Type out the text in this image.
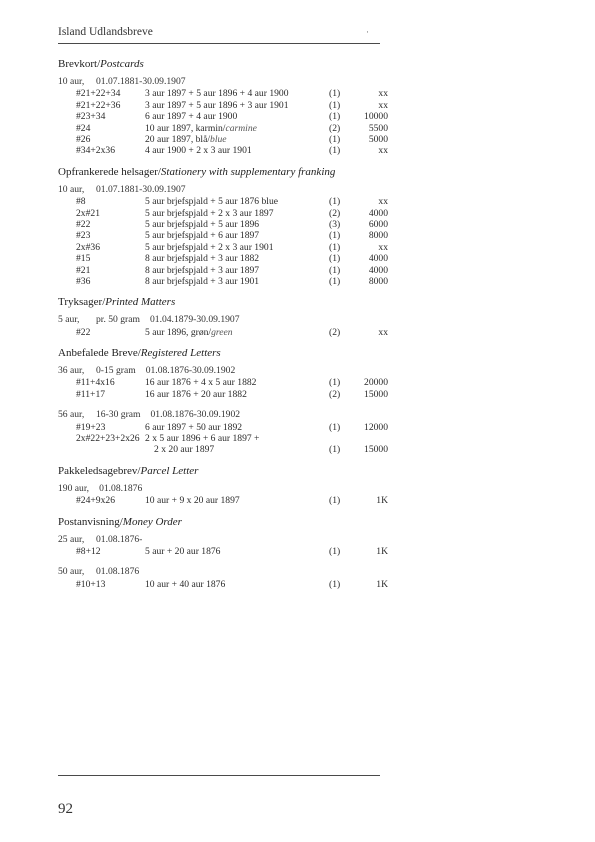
Island Udlandsbreve	·
Brevkort/Postcards
10 aur, 01.07.1881-30.09.1907
#21+22+34	3 aur 1897 + 5 aur 1896 + 4 aur 1900	(1)	xx
#21+22+36	3 aur 1897 + 5 aur 1896 + 3 aur 1901	(1)	xx
#23+34	6 aur 1897 + 4 aur 1900	(1) 10000
#24	10 aur 1897, karmin/carmine	(2)	5500
#26	20 aur 1897, blå/blue	(1)	5000
#34+2x36	4 aur 1900 + 2 x 3 aur 1901	(1)	xx
Opfrankerede helsager/Stationery with supplementary franking
10 aur, 01.07.1881-30.09.1907
#8	5 aur brjefspjald + 5 aur 1876 blue	(1)	xx
2x#21	5 aur brjefspjald + 2 x 3 aur 1897	(2)	4000
#22	5 aur brjefspjald + 5 aur 1896	(3)	6000
#23	5 aur brjefspjald + 6 aur 1897	(1)	8000
2x#36	5 aur brjefspjald + 2 x 3 aur 1901	(1)	xx
#15	8 aur brjefspjald + 3 aur 1882	(1)	4000
#21	8 aur brjefspjald + 3 aur 1897	(1)	4000
#36	8 aur brjefspjald + 3 aur 1901	(1)	8000
Tryksager/Printed Matters
5 aur,	pr. 50 gram 01.04.1879-30.09.1907
#22	5 aur 1896, grøn/green	(2)	xx
Anbefalede Breve/Registered Letters
36 aur, 0-15 gram 01.08.1876-30.09.1902
#11+4x16	16 aur 1876 + 4 x 5 aur 1882	(1) 20000
#11+17	16 aur 1876 + 20 aur 1882	(2) 15000
56 aur, 16-30 gram 01.08.1876-30.09.1902
#19+23	6 aur 1897 + 50 aur 1892	(1) 12000
2x#22+23+2x26 2 x 5 aur 1896 + 6 aur 1897 +
2 x 20 aur 1897	(1) 15000
Pakkeledsagebrev/Parcel Letter
190 aur, 01.08.1876
#24+9x26	10 aur + 9 x 20 aur 1897	(1)	1K
Postanvisning/Money Order
25 aur, 01.08.1876-
#8+12	5 aur + 20 aur 1876	(1)	1K
50 aur, 01.08.1876
#10+13	10 aur + 40 aur 1876	(1)	1K
92
